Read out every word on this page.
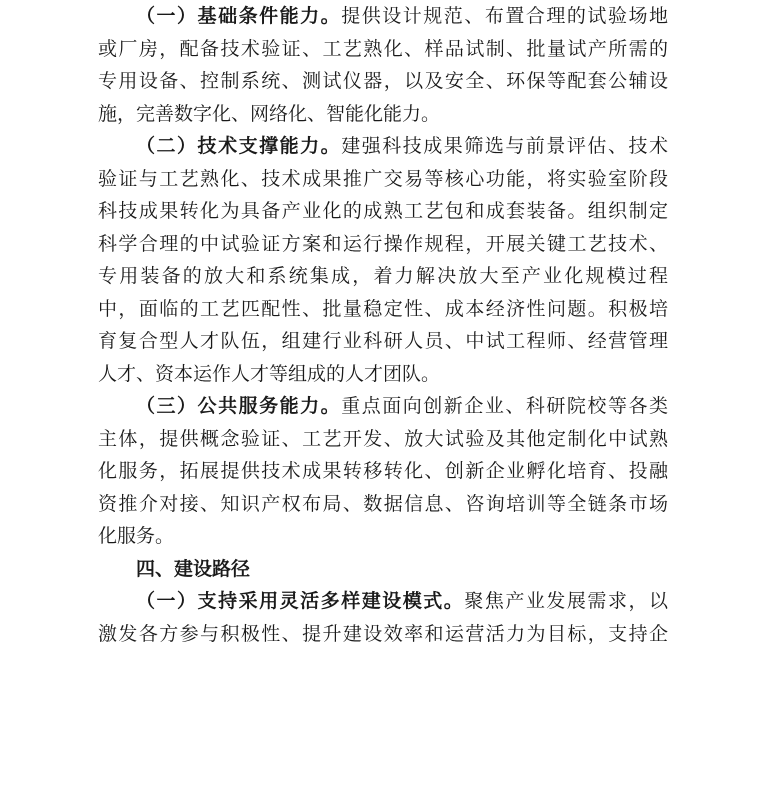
（一）基础条件能力。提供设计规范、布置合理的试验场地
或厂房，配备技术验证、工艺熟化、样品试制、批量试产所需的
专用设备、控制系统、测试仪器，以及安全、环保等配套公辅设
施，完善数字化、网络化、智能化能力。
（二）技术支撑能力。建强科技成果筛选与前景评估、技术
验证与工艺熟化、技术成果推广交易等核心功能，将实验室阶段
科技成果转化为具备产业化的成熟工艺包和成套装备。组织制定
科学合理的中试验证方案和运行操作规程，开展关键工艺技术、
专用装备的放大和系统集成，着力解决放大至产业化规模过程
中，面临的工艺匹配性、批量稳定性、成本经济性问题。积极培
育复合型人才队伍，组建行业科研人员、中试工程师、经营管理
人才、资本运作人才等组成的人才团队。
（三）公共服务能力。重点面向创新企业、科研院校等各类
主体，提供概念验证、工艺开发、放大试验及其他定制化中试熟
化服务，拓展提供技术成果转移转化、创新企业孵化培育、投融
资推介对接、知识产权布局、数据信息、咨询培训等全链条市场
化服务。
四、建设路径
（一）支持采用灵活多样建设模式。聚焦产业发展需求，以
激发各方参与积极性、提升建设效率和运营活力为目标，支持企
